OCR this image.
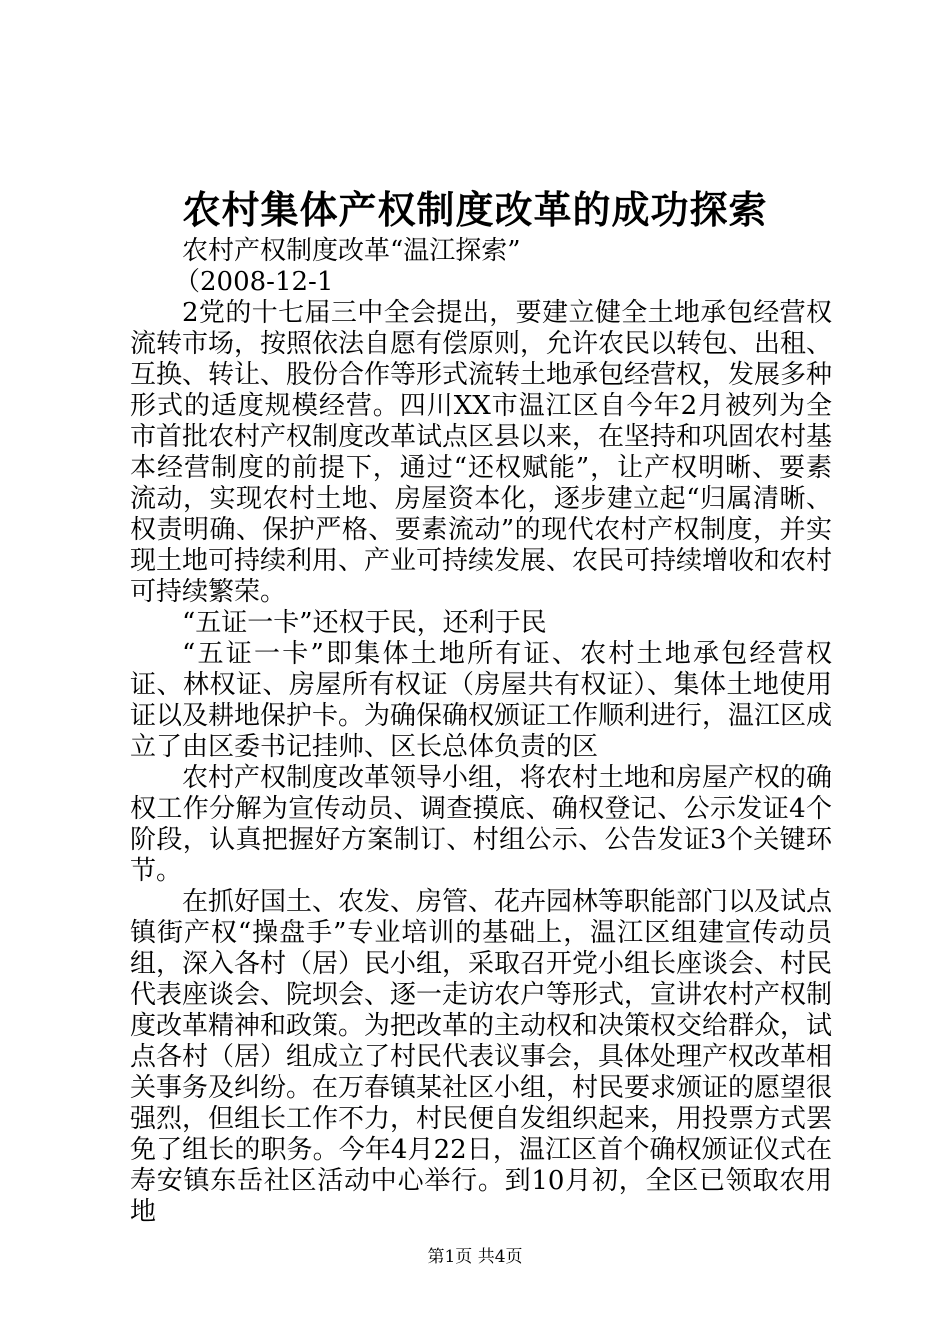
农村集体产权制度改革的成功探索

农村产权制度改革“温江探索”

（2008-12-1

2党的十七届三中全会提出，要建立健全土地承包经营权流转市场，按照依法自愿有偿原则，允许农民以转包、出租、互换、转让、股份合作等形式流转土地承包经营权，发展多种形式的适度规模经营。四川XX市温江区自今年2月被列为全市首批农村产权制度改革试点区县以来，在坚持和巩固农村基本经营制度的前提下，通过“还权赋能”，让产权明晰、要素流动，实现农村土地、房屋资本化，逐步建立起“归属清晰、权责明确、保护严格、要素流动”的现代农村产权制度，并实现土地可持续利用、产业可持续发展、农民可持续增收和农村可持续繁荣。

“五证一卡”还权于民，还利于民

“五证一卡”即集体土地所有证、农村土地承包经营权证、林权证、房屋所有权证（房屋共有权证）、集体土地使用证以及耕地保护卡。为确保确权颁证工作顺利进行，温江区成立了由区委书记挂帅、区长总体负责的区

农村产权制度改革领导小组，将农村土地和房屋产权的确权工作分解为宣传动员、调查摸底、确权登记、公示发证4个阶段，认真把握好方案制订、村组公示、公告发证3个关键环节。

在抓好国土、农发、房管、花卉园林等职能部门以及试点镇街产权“操盘手”专业培训的基础上，温江区组建宣传动员组，深入各村（居）民小组，采取召开党小组长座谈会、村民代表座谈会、院坝会、逐一走访农户等形式，宣讲农村产权制度改革精神和政策。为把改革的主动权和决策权交给群众，试点各村（居）组成立了村民代表议事会，具体处理产权改革相关事务及纠纷。在万春镇某社区小组，村民要求颁证的愿望很强烈，但组长工作不力，村民便自发组织起来，用投票方式罢免了组长的职务。今年4月22日，温江区首个确权颁证仪式在寿安镇东岳社区活动中心举行。到10月初，全区已领取农用地

第1页 共4页
